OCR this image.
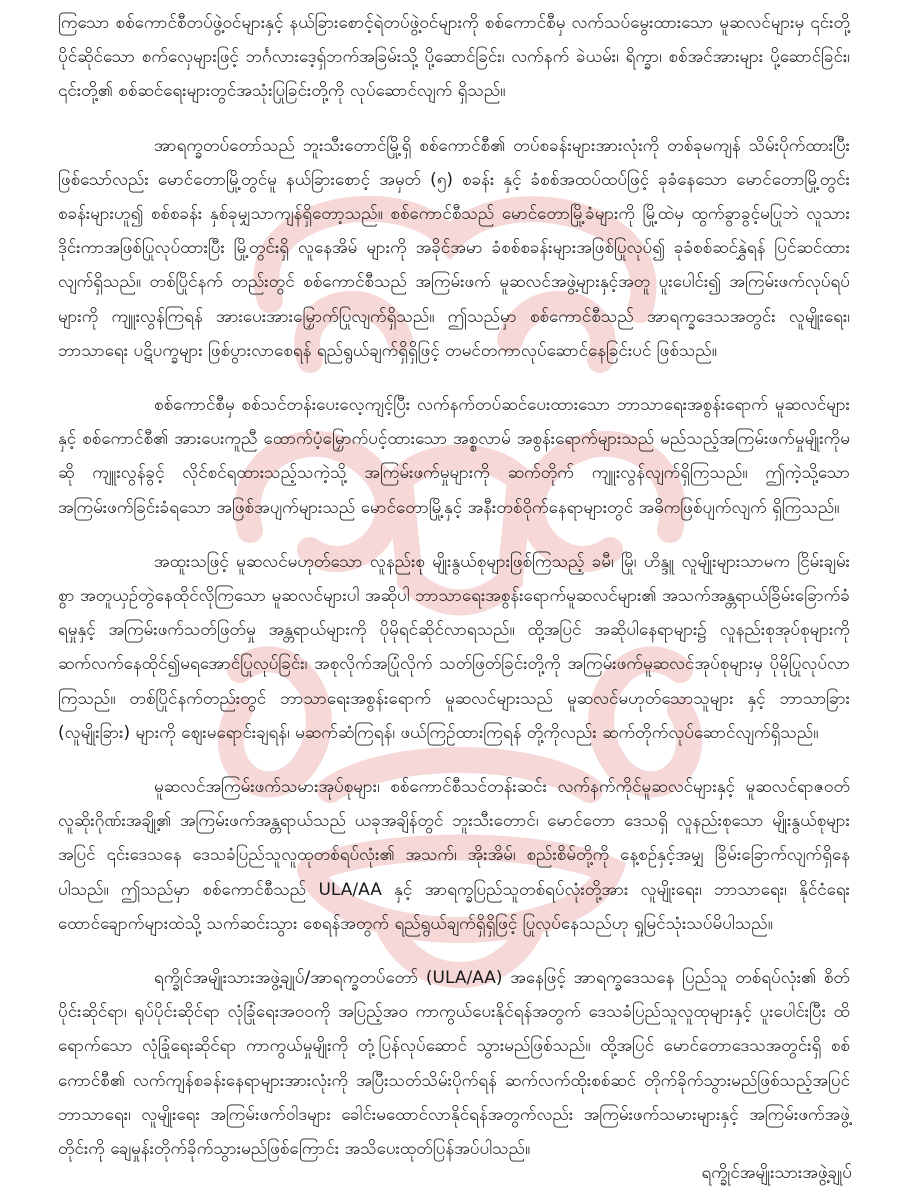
ကြသော စစ်ကောင်စီတပ်ဖွဲ့ဝင်များနှင့် နယ်ခြားစောင့်ရဲတပ်ဖွဲ့ဝင်များကို စစ်ကောင်စီမှ လက်သပ်မွေးထားသော မူဆလင်များမှ ၎င်းတို့ပိုင်ဆိုင်သော စက်လှေများဖြင့် ဘင်္ဂလားဒေ့ရှ်ဘက်အခြမ်းသို့ ပို့ဆောင်ခြင်း၊ လက်နက် ခဲယမ်း၊ ရိက္ခာ၊ စစ်အင်အားများ ပို့ဆောင်ခြင်း၊ ၎င်းတို့၏ စစ်ဆင်ရေးများတွင်အသုံးပြုခြင်းတို့ကို လုပ်ဆောင်လျက် ရှိသည်။

အာရက္ခတပ်တော်သည် ဘူးသီးတောင်မြို့ရှိ စစ်ကောင်စီ၏ တပ်စခန်းများအားလုံးကို တစ်ခုမကျန် သိမ်းပိုက်ထားပြီးဖြစ်သော်လည်း မောင်တောမြို့တွင်မူ နယ်ခြားစောင့် အမှတ် (၅) စခန်း နှင့် ခံစစ်အထပ်ထပ်ဖြင့် ခုခံနေသော မောင်တောမြို့တွင်း စခန်းများဟူ၍ စစ်စခန်း နှစ်ခုမျှသာကျန်ရှိတော့သည်။ စစ်ကောင်စီသည် မောင်တောမြို့ခံများကို မြို့ထဲမှ ထွက်ခွာခွင့်မပြုဘဲ လူသားဒိုင်းကာအဖြစ်ပြုလုပ်ထားပြီး မြို့တွင်းရှိ လူနေအိမ် များကို အခိုင်အမာ ခံစစ်စခန်းများအဖြစ်ပြုလုပ်၍ ခုခံစစ်ဆင်နွှဲရန် ပြင်ဆင်ထားလျက်ရှိသည်။ တစ်ပြိုင်နက် တည်းတွင် စစ်ကောင်စီသည် အကြမ်းဖက် မူဆလင်အဖွဲ့များနှင့်အတူ ပူးပေါင်း၍ အကြမ်းဖက်လုပ်ရပ်များကို ကျူးလွန်ကြရန် အားပေးအားမြှောက်ပြုလျက်ရှိသည်။ ဤသည်မှာ စစ်ကောင်စီသည် အာရက္ခဒေသအတွင်း လူမျိုးရေး၊ ဘာသာရေး ပဋိပက္ခများ ဖြစ်ပွားလာစေရန် ရည်ရွယ်ချက်ရှိရှိဖြင့် တမင်တကာလုပ်ဆောင်နေခြင်းပင် ဖြစ်သည်။

စစ်ကောင်စီမှ စစ်သင်တန်းပေးလေ့ကျင့်ပြီး လက်နက်တပ်ဆင်ပေးထားသော ဘာသာရေးအစွန်းရောက် မူဆလင်များနှင့် စစ်ကောင်စီ၏ အားပေးကူညီ ထောက်ပံ့မြှောက်ပင့်ထားသော အစ္စလာမ် အစွန်းရောက်များသည် မည်သည့်အကြမ်းဖက်မှုမျိုးကိုမဆို ကျူးလွန်ခွင့် လိုင်စင်ရထားသည့်သကဲ့သို့ အကြမ်းဖက်မှုများကို ဆက်တိုက် ကျူးလွန်လျက်ရှိကြသည်။ ဤကဲ့သို့သော အကြမ်းဖက်ခြင်းခံရသော အဖြစ်အပျက်များသည် မောင်တောမြို့နှင့် အနီးတစ်ဝိုက်နေရာများတွင် အဓိကဖြစ်ပျက်လျက် ရှိကြသည်။

အထူးသဖြင့် မူဆလင်မဟုတ်သော လူနည်းစု မျိုးနွယ်စုများဖြစ်ကြသည့် ခမီ၊ မြို၊ ဟိန္ဒူ လူမျိုးများသာမက ငြိမ်းချမ်းစွာ အတူယှဉ်တွဲနေထိုင်လိုကြသော မူဆလင်များပါ အဆိုပါ ဘာသာရေးအစွန်းရောက်မူဆလင်များ၏ အသက်အန္တရာယ်ခြိမ်းခြောက်ခံရမှုနှင့် အကြမ်းဖက်သတ်ဖြတ်မှု အန္တရာယ်များကို ပိုမိုရင်ဆိုင်လာရသည်။ ထို့အပြင် အဆိုပါနေရာများ၌ လူနည်းစုအုပ်စုများကို ဆက်လက်နေထိုင်၍မရအောင်ပြုလုပ်ခြင်း၊ အစုလိုက်အပြုံလိုက် သတ်ဖြတ်ခြင်းတို့ကို အကြမ်းဖက်မူဆလင်အုပ်စုများမှ ပိုမိုပြုလုပ်လာကြသည်။ တစ်ပြိုင်နက်တည်းတွင် ဘာသာရေးအစွန်းရောက် မူဆလင်များသည် မူဆလင်မဟုတ်သောသူများ နှင့် ဘာသာခြား (လူမျိုးခြား) များကို ဈေးမရောင်းချရန်၊ မဆက်ဆံကြရန်၊ ဖယ်ကြဉ်ထားကြရန် တို့ကိုလည်း ဆက်တိုက်လုပ်ဆောင်လျက်ရှိသည်။

မူဆလင်အကြမ်းဖက်သမားအုပ်စုများ၊ စစ်ကောင်စီသင်တန်းဆင်း လက်နက်ကိုင်မူဆလင်များနှင့် မူဆလင်ရာဇဝတ်လူဆိုးဂိုဏ်းအချို့၏ အကြမ်းဖက်အန္တရာယ်သည် ယခုအချိန်တွင် ဘူးသီးတောင်၊ မောင်တော ဒေသရှိ လူနည်းစုသော မျိုးနွယ်စုများအပြင် ၎င်းဒေသနေ ဒေသခံပြည်သူလူထုတစ်ရပ်လုံး၏ အသက်၊ အိုးအိမ်၊ စည်းစိမ်တို့ကို နေ့စဉ်နှင့်အမျှ ခြိမ်းခြောက်လျက်ရှိနေပါသည်။ ဤသည်မှာ စစ်ကောင်စီသည် ULA/AA နှင့် အာရက္ခပြည်သူတစ်ရပ်လုံးတို့အား လူမျိုးရေး၊ ဘာသာရေး၊ နိုင်ငံရေး ထောင်ချောက်များထဲသို့ သက်ဆင်းသွား စေရန်အတွက် ရည်ရွယ်ချက်ရှိရှိဖြင့် ပြုလုပ်နေသည်ဟု ရှုမြင်သုံးသပ်မိပါသည်။

ရက္ခိုင်အမျိုးသားအဖွဲ့ချုပ်/အာရက္ခတပ်တော် (ULA/AA) အနေဖြင့် အာရက္ခဒေသနေ ပြည်သူ တစ်ရပ်လုံး၏ စိတ်ပိုင်းဆိုင်ရာ၊ ရုပ်ပိုင်းဆိုင်ရာ လုံခြုံရေးအဝဝကို အပြည့်အဝ ကာကွယ်ပေးနိုင်ရန်အတွက် ဒေသခံပြည်သူလူထုများနှင့် ပူးပေါင်းပြီး ထိရောက်သော လုံခြုံရေးဆိုင်ရာ ကာကွယ်မှုမျိုးကို တုံ့ပြန်လုပ်ဆောင် သွားမည်ဖြစ်သည်။ ထို့အပြင် မောင်တောဒေသအတွင်းရှိ စစ်ကောင်စီ၏ လက်ကျန်စခန်းနေရာများအားလုံးကို အပြီးသတ်သိမ်းပိုက်ရန် ဆက်လက်ထိုးစစ်ဆင် တိုက်ခိုက်သွားမည်ဖြစ်သည့်အပြင် ဘာသာရေး၊ လူမျိုးရေး အကြမ်းဖက်ဝါဒများ ခေါင်းမထောင်လာနိုင်ရန်အတွက်လည်း အကြမ်းဖက်သမားများနှင့် အကြမ်းဖက်အဖွဲ့တိုင်းကို ချေမှုန်းတိုက်ခိုက်သွားမည်ဖြစ်ကြောင်း အသိပေးထုတ်ပြန်အပ်ပါသည်။

ရက္ခိုင်အမျိုးသားအဖွဲ့ချုပ်
